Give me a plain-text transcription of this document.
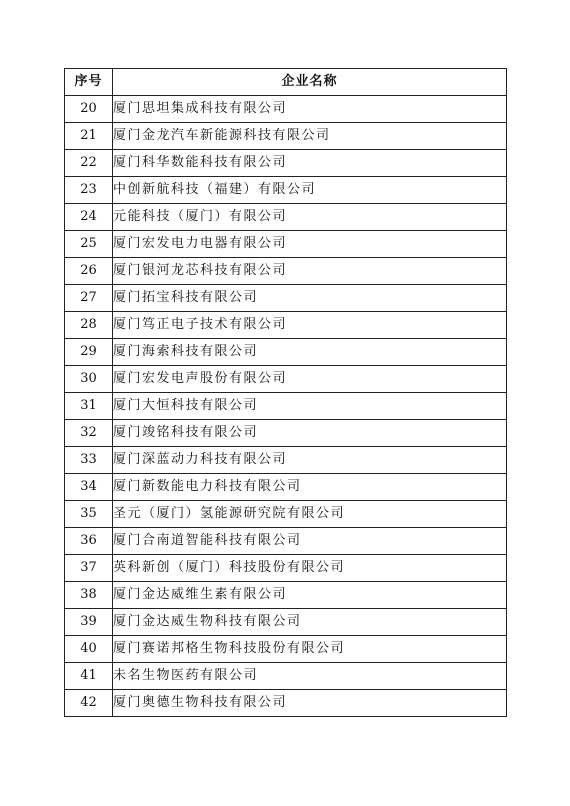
序号	企业名称
20	厦门思坦集成科技有限公司
21	厦门金龙汽车新能源科技有限公司
22	厦门科华数能科技有限公司
23	中创新航科技（福建）有限公司
24	元能科技（厦门）有限公司
25	厦门宏发电力电器有限公司
26	厦门银河龙芯科技有限公司
27	厦门拓宝科技有限公司
28	厦门笃正电子技术有限公司
29	厦门海索科技有限公司
30	厦门宏发电声股份有限公司
31	厦门大恒科技有限公司
32	厦门竣铭科技有限公司
33	厦门深蓝动力科技有限公司
34	厦门新数能电力科技有限公司
35	圣元（厦门）氢能源研究院有限公司
36	厦门合南道智能科技有限公司
37	英科新创（厦门）科技股份有限公司
38	厦门金达威维生素有限公司
39	厦门金达威生物科技有限公司
40	厦门赛诺邦格生物科技股份有限公司
41	未名生物医药有限公司
42	厦门奥德生物科技有限公司
